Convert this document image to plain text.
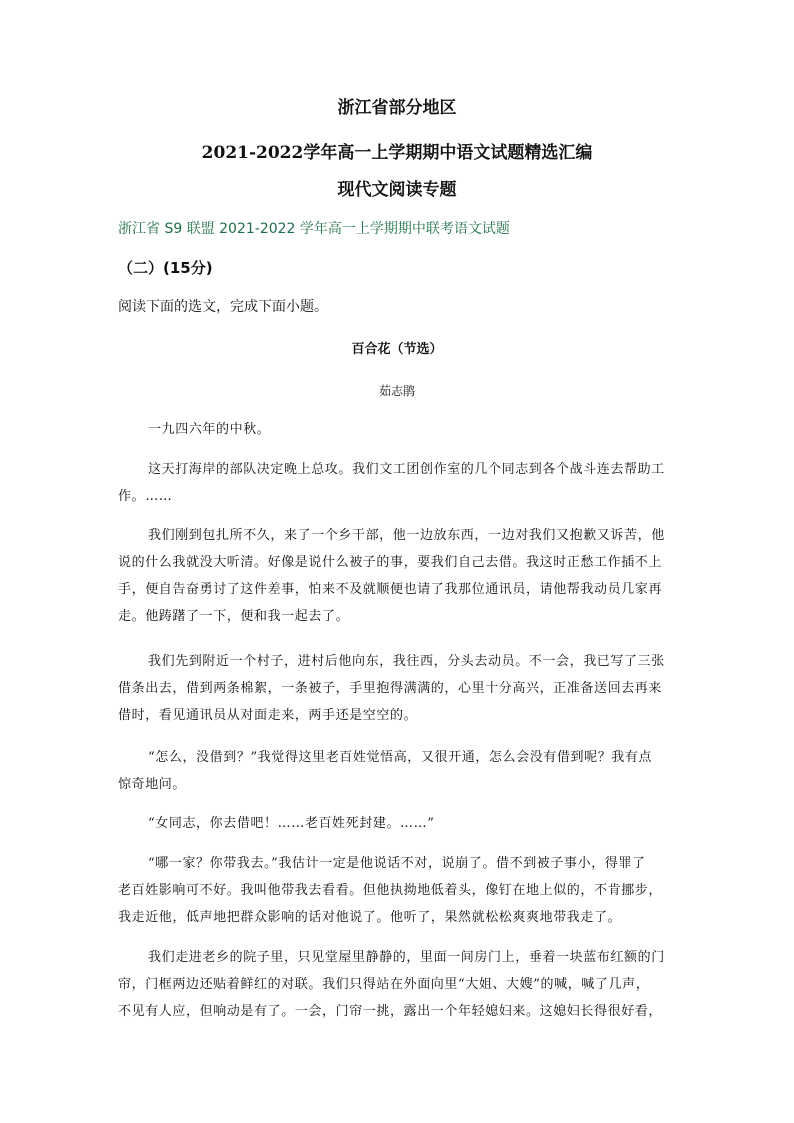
浙江省部分地区
2021-2022学年高一上学期期中语文试题精选汇编
现代文阅读专题
浙江省 S9 联盟 2021-2022 学年高一上学期期中联考语文试题
（二）(15分)
阅读下面的选文，完成下面小题。
百合花（节选）
茹志鹃
一九四六年的中秋。
这天打海岸的部队决定晚上总攻。我们文工团创作室的几个同志到各个战斗连去帮助工
作。……
我们刚到包扎所不久，来了一个乡干部，他一边放东西，一边对我们又抱歉又诉苦，他
说的什么我就没大听清。好像是说什么被子的事，要我们自己去借。我这时正愁工作插不上
手，便自告奋勇讨了这件差事，怕来不及就顺便也请了我那位通讯员，请他帮我动员几家再
走。他踌躇了一下，便和我一起去了。
我们先到附近一个村子，进村后他向东，我往西，分头去动员。不一会，我已写了三张
借条出去，借到两条棉絮，一条被子，手里抱得满满的，心里十分高兴，正准备送回去再来
借时，看见通讯员从对面走来，两手还是空空的。
“怎么，没借到？”我觉得这里老百姓觉悟高，又很开通，怎么会没有借到呢？我有点
惊奇地问。
“女同志，你去借吧！……老百姓死封建。……”
“哪一家？你带我去。”我估计一定是他说话不对，说崩了。借不到被子事小，得罪了
老百姓影响可不好。我叫他带我去看看。但他执拗地低着头，像钉在地上似的，不肯挪步，
我走近他，低声地把群众影响的话对他说了。他听了，果然就松松爽爽地带我走了。
我们走进老乡的院子里，只见堂屋里静静的，里面一间房门上，垂着一块蓝布红额的门
帘，门框两边还贴着鲜红的对联。我们只得站在外面向里“大姐、大嫂”的喊，喊了几声，
不见有人应，但响动是有了。一会，门帘一挑，露出一个年轻媳妇来。这媳妇长得很好看，
